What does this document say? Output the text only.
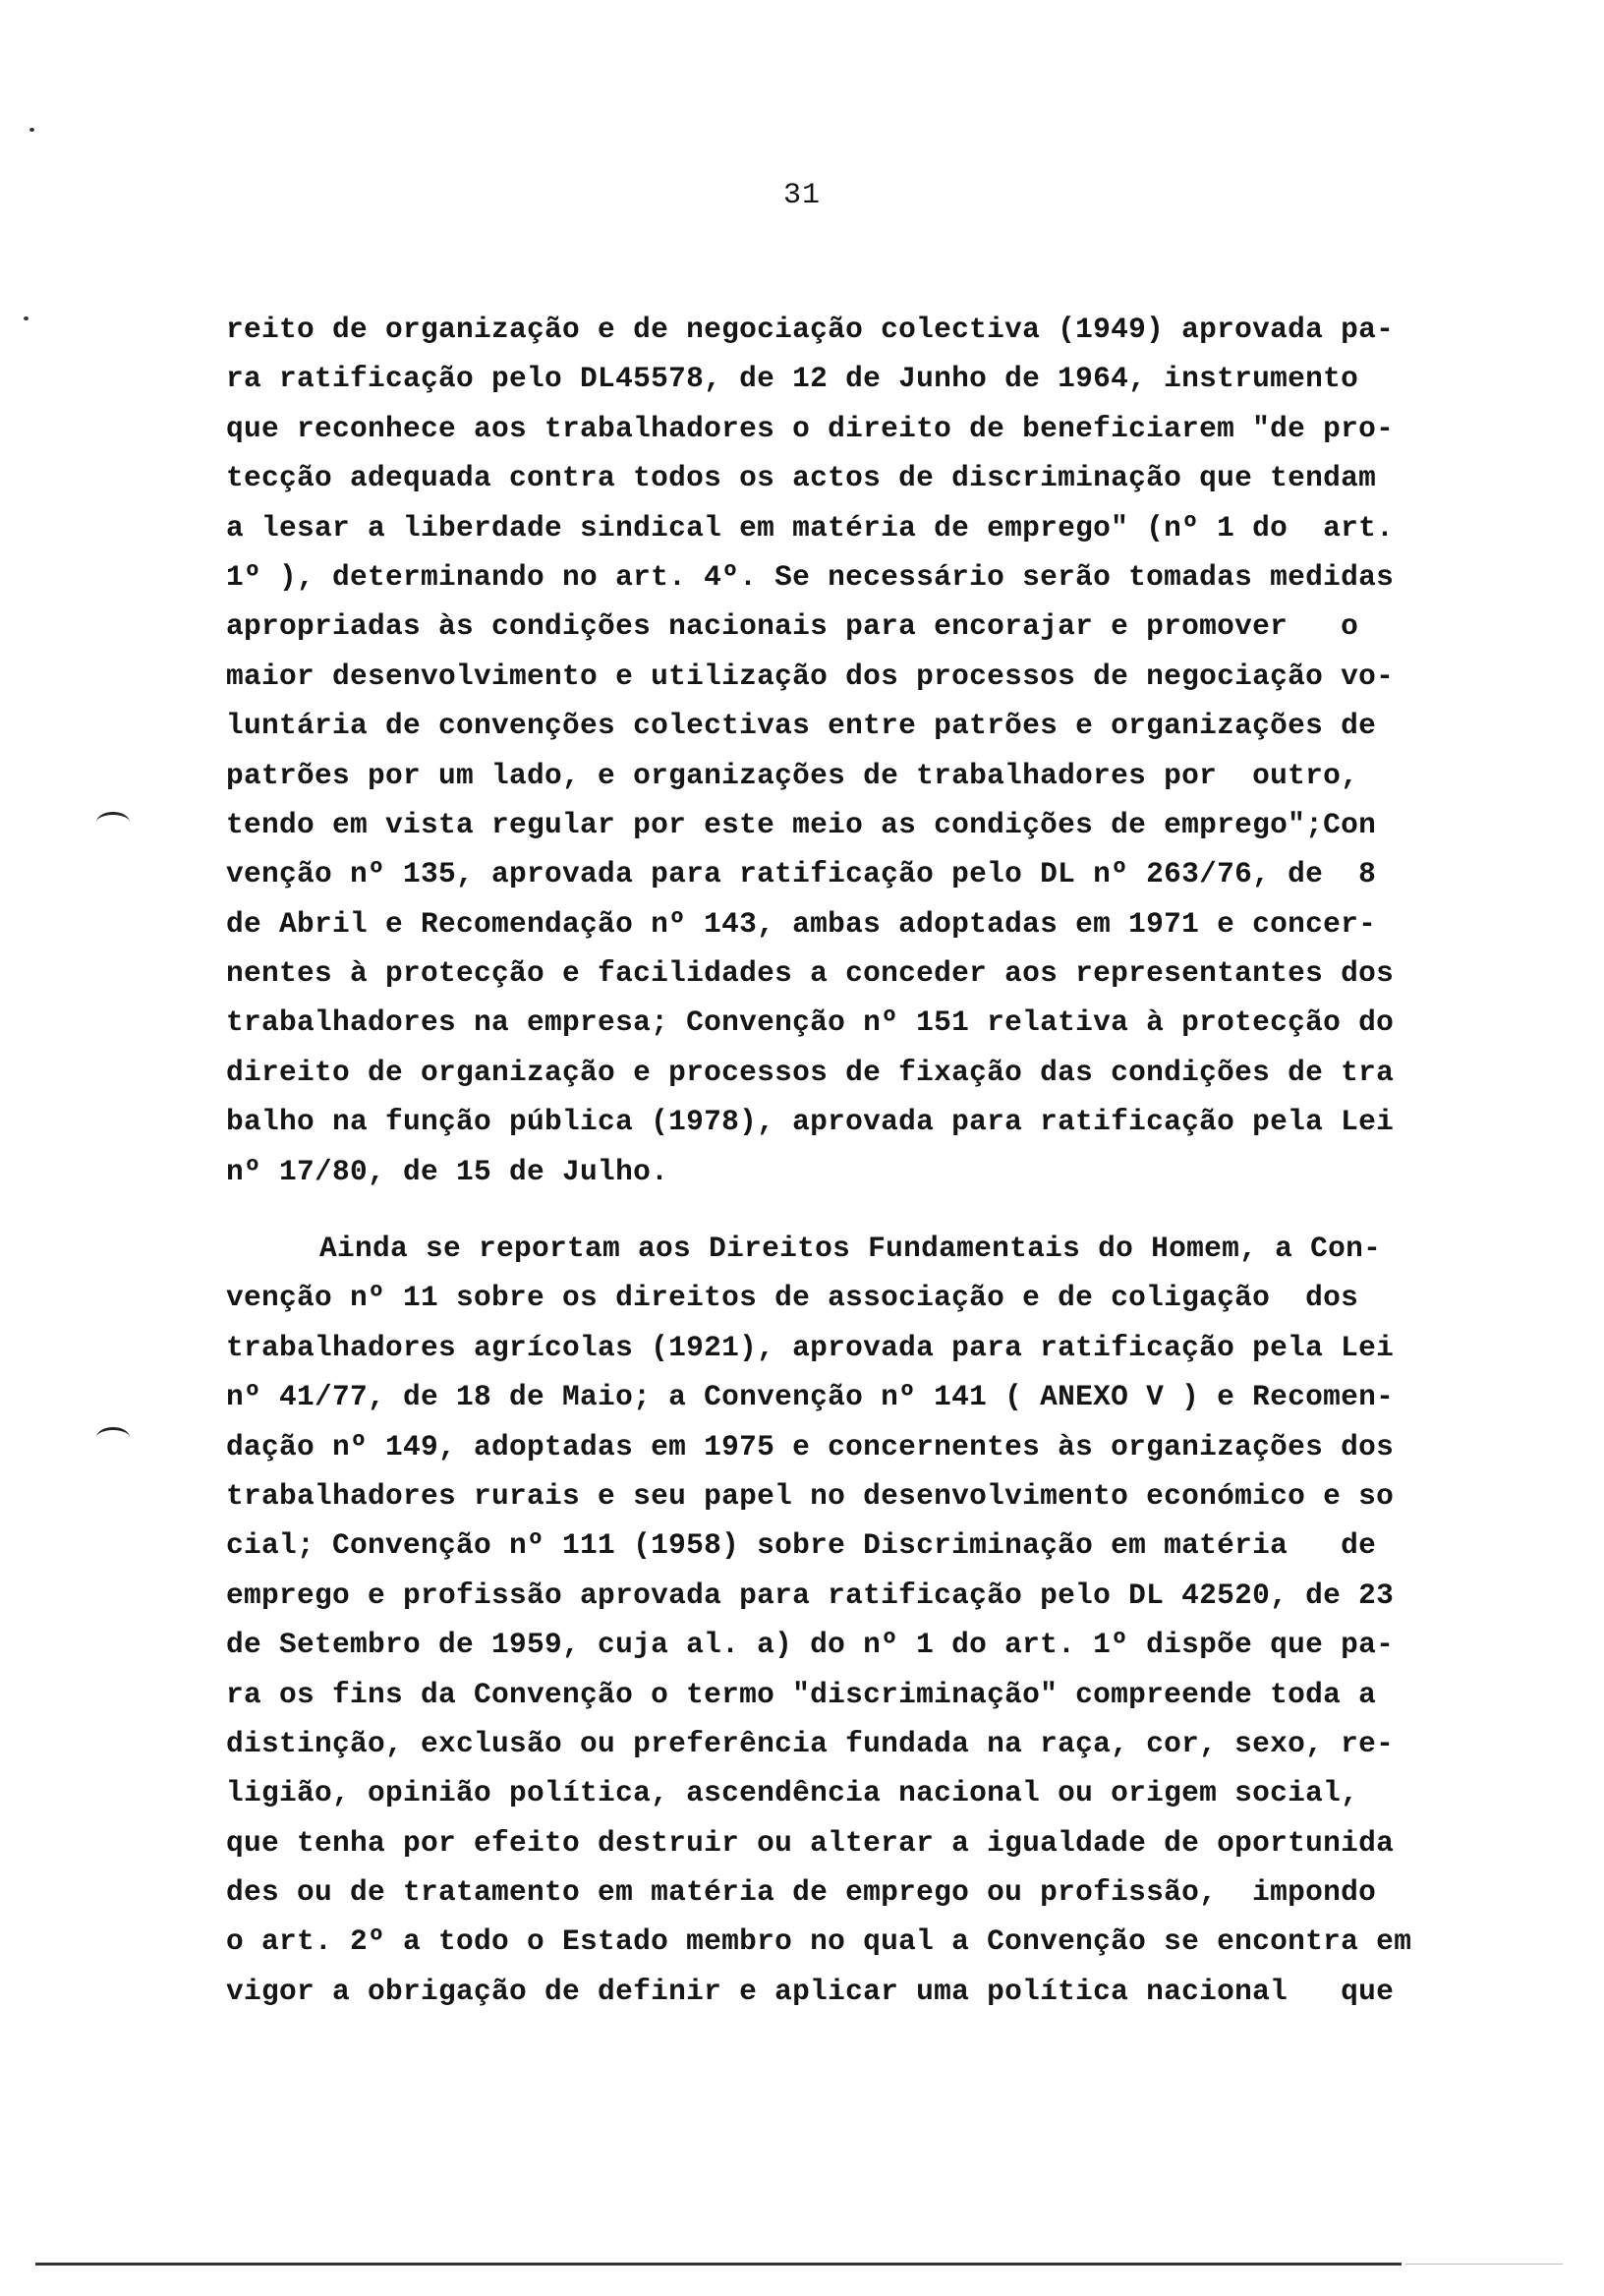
31
reito de organização e de negociação colectiva (1949) aprovada pa-
ra ratificação pelo DL45578, de 12 de Junho de 1964, instrumento
que reconhece aos trabalhadores o direito de beneficiarem "de pro-
tecção adequada contra todos os actos de discriminação que tendam
a lesar a liberdade sindical em matéria de emprego" (nº 1 do  art.
1º ), determinando no art. 4º. Se necessário serão tomadas medidas
apropriadas às condições nacionais para encorajar e promover   o
maior desenvolvimento e utilização dos processos de negociação vo-
luntária de convenções colectivas entre patrões e organizações de
patrões por um lado, e organizações de trabalhadores por  outro,
tendo em vista regular por este meio as condições de emprego";Con
venção nº 135, aprovada para ratificação pelo DL nº 263/76, de  8
de Abril e Recomendação nº 143, ambas adoptadas em 1971 e concer-
nentes à protecção e facilidades a conceder aos representantes dos
trabalhadores na empresa; Convenção nº 151 relativa à protecção do
direito de organização e processos de fixação das condições de tra
balho na função pública (1978), aprovada para ratificação pela Lei
nº 17/80, de 15 de Julho.
Ainda se reportam aos Direitos Fundamentais do Homem, a Con-
venção nº 11 sobre os direitos de associação e de coligação  dos
trabalhadores agrícolas (1921), aprovada para ratificação pela Lei
nº 41/77, de 18 de Maio; a Convenção nº 141 ( ANEXO V ) e Recomen-
dação nº 149, adoptadas em 1975 e concernentes às organizações dos
trabalhadores rurais e seu papel no desenvolvimento económico e so
cial; Convenção nº 111 (1958) sobre Discriminação em matéria   de
emprego e profissão aprovada para ratificação pelo DL 42520, de 23
de Setembro de 1959, cuja al. a) do nº 1 do art. 1º dispõe que pa-
ra os fins da Convenção o termo "discriminação" compreende toda a
distinção, exclusão ou preferência fundada na raça, cor, sexo, re-
ligião, opinião política, ascendência nacional ou origem social,
que tenha por efeito destruir ou alterar a igualdade de oportunida
des ou de tratamento em matéria de emprego ou profissão,  impondo
o art. 2º a todo o Estado membro no qual a Convenção se encontra em
vigor a obrigação de definir e aplicar uma política nacional   que
